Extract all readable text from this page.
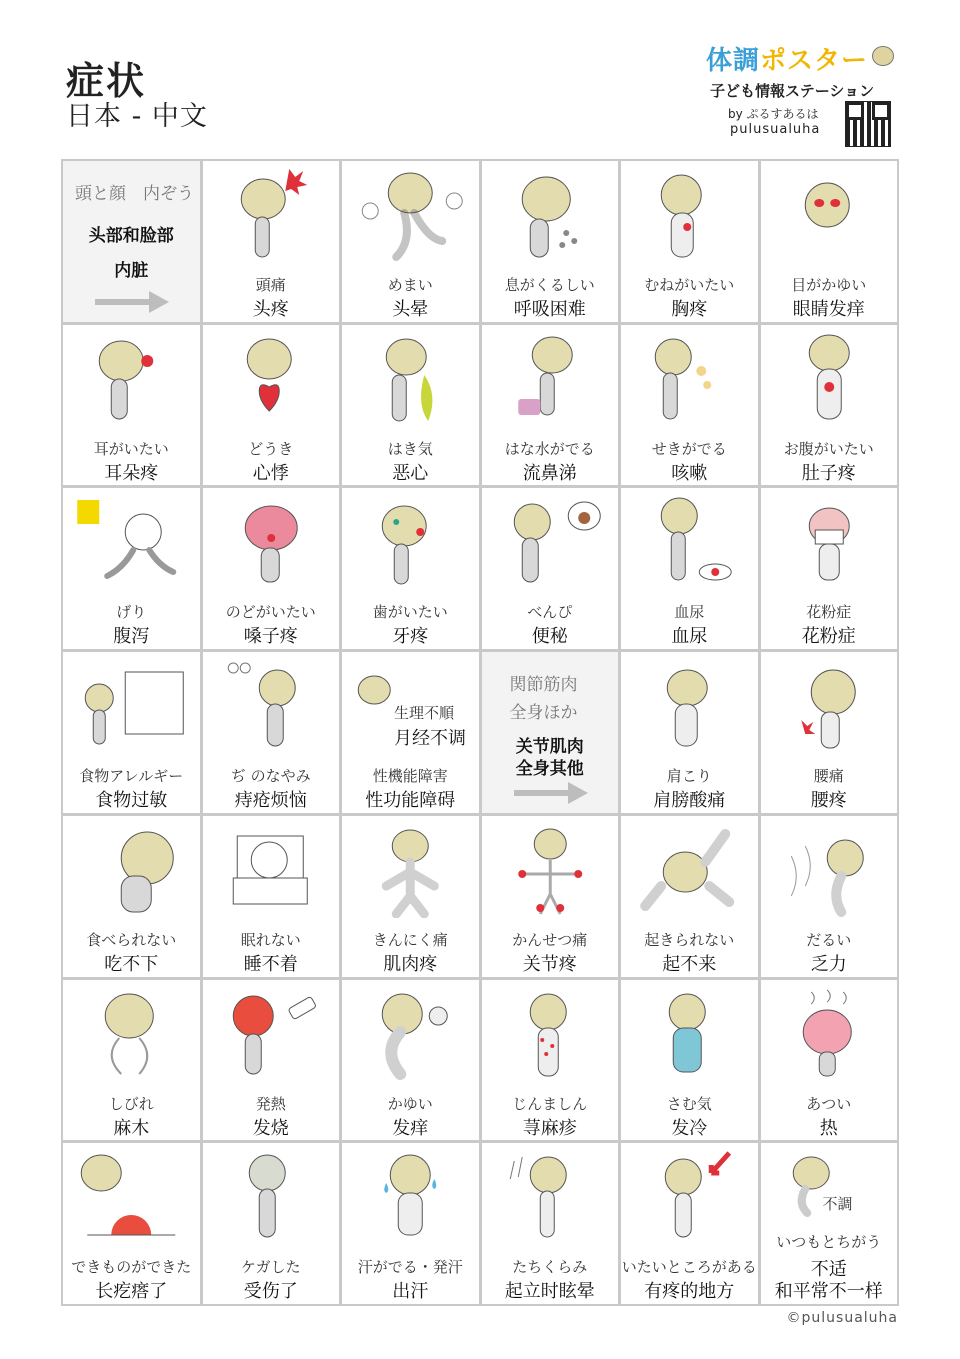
症状
日本 - 中文
体調ポスター
子ども情報ステーション
by ぷるすあるは
pulusualuha
頭と顔　内ぞう
头部和脸部
内脏
頭痛
头疼
めまい
头晕
息がくるしい
呼吸困难
むねがいたい
胸疼
目がかゆい
眼睛发痒
耳がいたい
耳朵疼
どうき
心悸
はき気
恶心
はな水がでる
流鼻涕
せきがでる
咳嗽
お腹がいたい
肚子疼
げり
腹泻
のどがいたい
嗓子疼
歯がいたい
牙疼
べんぴ
便秘
血尿
血尿
花粉症
花粉症
食物アレルギー
食物过敏
ぢ のなやみ
痔疮烦恼
生理不順
月经不调
性機能障害
性功能障碍
関節筋肉
全身ほか
关节肌肉
全身其他	肩こり
肩膀酸痛
腰痛
腰疼
食べられない
吃不下
眠れない
睡不着
きんにく痛
肌肉疼
かんせつ痛
关节疼
起きられない
起不来
だるい
乏力
しびれ
麻木
発熱
发烧
かゆい
发痒
じんましん
荨麻疹
さむ気
发冷
あつい
热
できものができた
长疙瘩了
ケガした
受伤了
汗がでる・発汗
出汗
たちくらみ
起立时眩晕
いたいところがある
有疼的地方
不調
いつもとちがう
不适
和平常不一样
©pulusualuha
